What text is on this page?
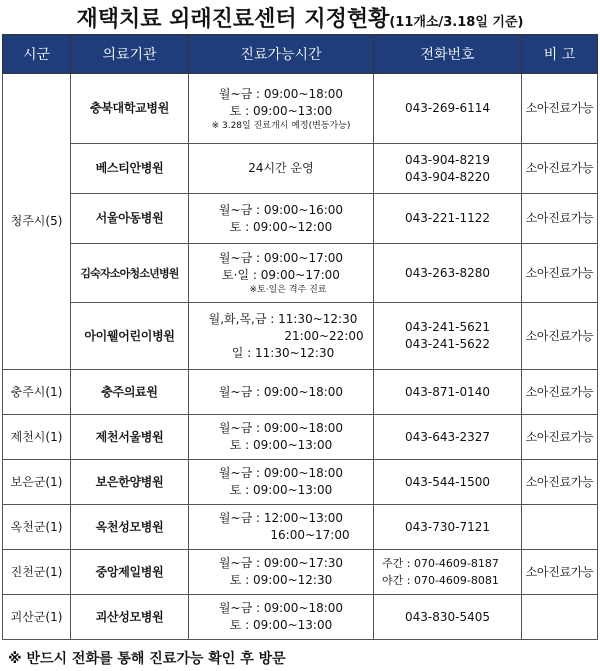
재택치료 외래진료센터 지정현황(11개소/3.18일 기준)
시군	의료기관	진료가능시간	전화번호	비 고
청주시(5)	충북대학교병원	월~금 : 09:00~18:00
토 : 09:00~13:00
※ 3.28일 진료개시 예정(변동가능)	043-269-6114	소아진료가능
	베스티안병원	24시간 운영	043-904-8219
043-904-8220	소아진료가능
	서울아동병원	월~금 : 09:00~16:00
토 : 09:00~12:00	043-221-1122	소아진료가능
	김숙자소아청소년병원	월~금 : 09:00~17:00
토·일 : 09:00~17:00
※토·일은 격주 진료	043-263-8280	소아진료가능
	아이웰어린이병원	월,화,목,금 : 11:30~12:30
21:00~22:00
일 : 11:30~12:30	043-241-5621
043-241-5622	소아진료가능
충주시(1)	충주의료원	월~금 : 09:00~18:00	043-871-0140	소아진료가능
제천시(1)	제천서울병원	월~금 : 09:00~18:00
토 : 09:00~13:00	043-643-2327	소아진료가능
보은군(1)	보은한양병원	월~금 : 09:00~18:00
토 : 09:00~13:00	043-544-1500	소아진료가능
옥천군(1)	옥천성모병원	월~금 : 12:00~13:00
16:00~17:00	043-730-7121	

진천군(1)	중앙제일병원	월~금 : 09:00~17:30
토 : 09:00~12:30	주간 : 070-4609-8187
야간 : 070-4609-8081	소아진료가능
괴산군(1)	괴산성모병원	월~금 : 09:00~18:00
토 : 09:00~13:00	043-830-5405	

※ 반드시 전화를 통해 진료가능 확인 후 방문
